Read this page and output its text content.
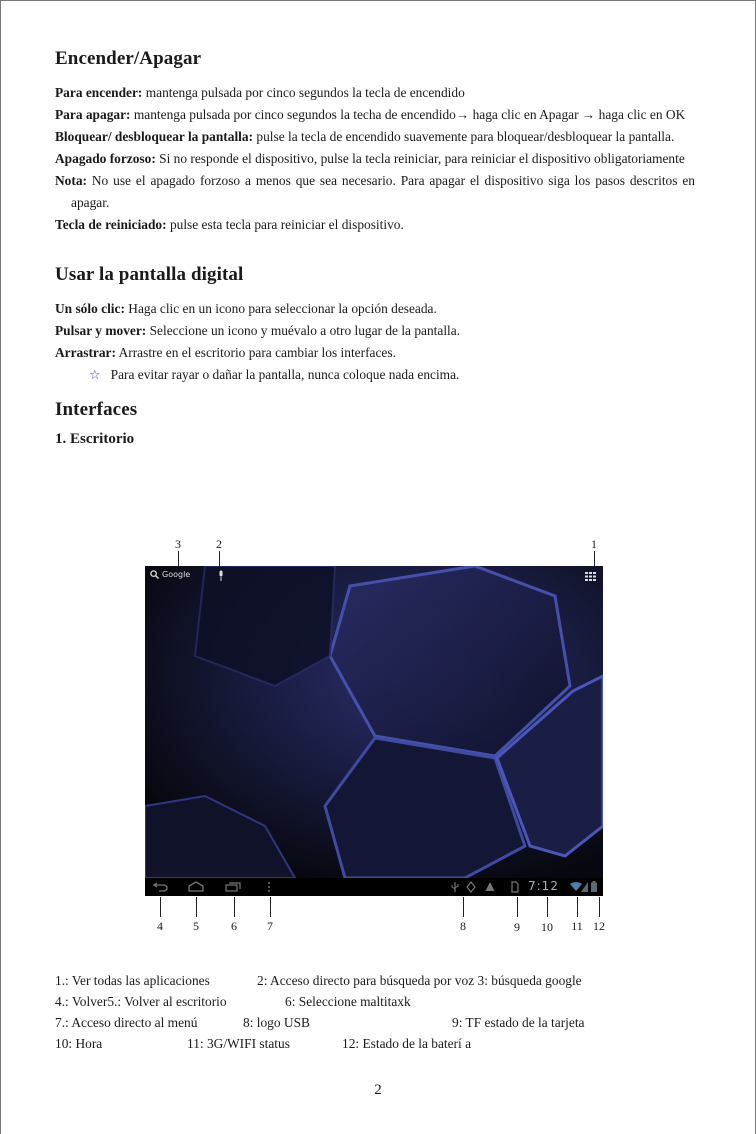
Encender/Apagar

Para encender: mantenga pulsada por cinco segundos la tecla de encendido

Para apagar: mantenga pulsada por cinco segundos la techa de encendido→ haga clic en Apagar → haga clic en OK

Bloquear/ desbloquear la pantalla: pulse la tecla de encendido suavemente para bloquear/desbloquear la pantalla.

Apagado forzoso: Si no responde el dispositivo, pulse la tecla reiniciar, para reiniciar el dispositivo obligatoriamente

Nota: No use el apagado forzoso a menos que sea necesario. Para apagar el dispositivo siga los pasos descritos en apagar.

Tecla de reiniciado: pulse esta tecla para reiniciar el dispositivo.

Usar la pantalla digital

Un sólo clic: Haga clic en un icono para seleccionar la opción deseada.

Pulsar y mover: Seleccione un icono y muévalo a otro lugar de la pantalla.

Arrastrar: Arrastre en el escritorio para cambiar los interfaces.

☆ Para evitar rayar o dañar la pantalla, nunca coloque nada encima.

Interfaces
1. Escritorio
3	2	1
Google
7:12
4	5	6	7	8	9	10	11 12
1.: Ver todas las aplicaciones	2: Acceso directo para búsqueda por voz 3: búsqueda google
4.: Volver5.: Volver al escritorio	6: Seleccione maltitaxk
7.: Acceso directo al menú	8: logo USB	9: TF estado de la tarjeta
10: Hora	11: 3G/WIFI status	12: Estado de la baterí a
2
